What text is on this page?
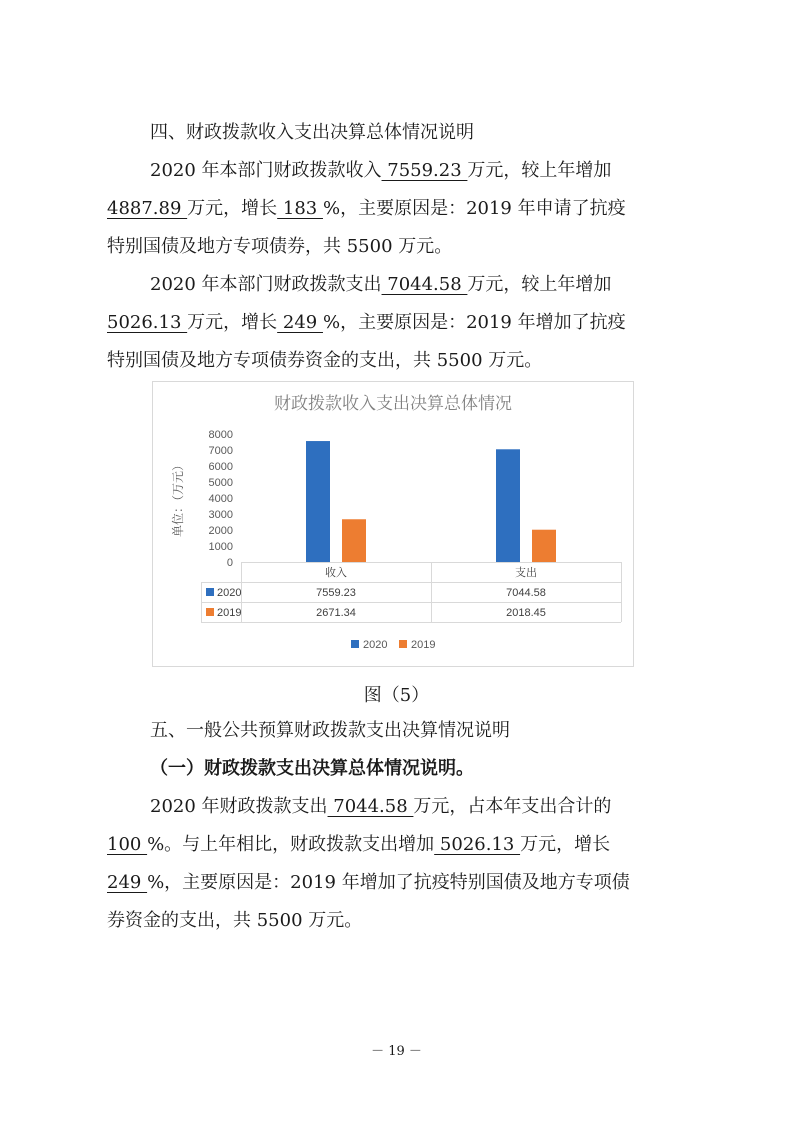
四、财政拨款收入支出决算总体情况说明
2020 年本部门财政拨款收入 7559.23 万元，较上年增加
4887.89 万元，增长 183 %，主要原因是：2019 年申请了抗疫
特别国债及地方专项债券，共 5500 万元。
2020 年本部门财政拨款支出 7044.58 万元，较上年增加
5026.13 万元，增长 249 %，主要原因是：2019 年增加了抗疫
特别国债及地方专项债券资金的支出，共 5500 万元。
财政拨款收入支出决算总体情况
单位：（万元）
0
1000
2000
3000
4000
5000
6000
7000
8000
收入	支出
2020	7559.23	7044.58
2019	2671.34	2018.45
2020 2019
图（5）
五、一般公共预算财政拨款支出决算情况说明
（一）财政拨款支出决算总体情况说明。
2020 年财政拨款支出 7044.58 万元，占本年支出合计的
100 %。与上年相比，财政拨款支出增加 5026.13 万元，增长
249 %，主要原因是：2019 年增加了抗疫特别国债及地方专项债
券资金的支出，共 5500 万元。
－ 19 －
